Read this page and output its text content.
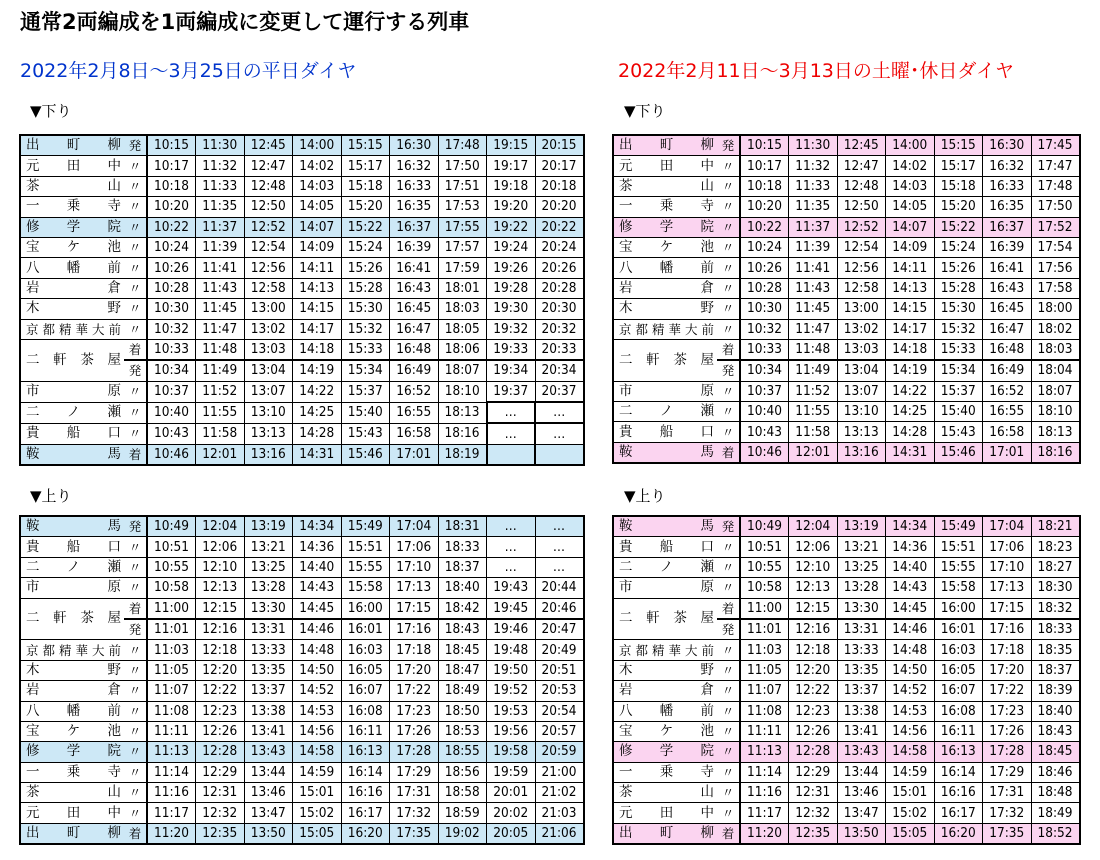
通常2両編成を1両編成に変更して運行する列車
2022年2月8日～3月25日の平日ダイヤ	2022年2月11日～3月13日の土曜･休日ダイヤ
▼下り	▼下り
▼上り	▼上り
出町柳	発	10:15	11:30	12:45	14:00	15:15	16:30	17:48	19:15	20:15
元田中	〃	10:17	11:32	12:47	14:02	15:17	16:32	17:50	19:17	20:17
茶山	〃	10:18	11:33	12:48	14:03	15:18	16:33	17:51	19:18	20:18
一乗寺	〃	10:20	11:35	12:50	14:05	15:20	16:35	17:53	19:20	20:20
修学院	〃	10:22	11:37	12:52	14:07	15:22	16:37	17:55	19:22	20:22
宝ケ池	〃	10:24	11:39	12:54	14:09	15:24	16:39	17:57	19:24	20:24
八幡前	〃	10:26	11:41	12:56	14:11	15:26	16:41	17:59	19:26	20:26
岩倉	〃	10:28	11:43	12:58	14:13	15:28	16:43	18:01	19:28	20:28
木野	〃	10:30	11:45	13:00	14:15	15:30	16:45	18:03	19:30	20:30
京都精華大前	〃	10:32	11:47	13:02	14:17	15:32	16:47	18:05	19:32	20:32
二軒茶屋	着	10:33	11:48	13:03	14:18	15:33	16:48	18:06	19:33	20:33
	発	10:34	11:49	13:04	14:19	15:34	16:49	18:07	19:34	20:34
市原	〃	10:37	11:52	13:07	14:22	15:37	16:52	18:10	19:37	20:37
二ノ瀬	〃	10:40	11:55	13:10	14:25	15:40	16:55	18:13	…	…
貴船口	〃	10:43	11:58	13:13	14:28	15:43	16:58	18:16	…	…
鞍馬	着	10:46	12:01	13:16	14:31	15:46	17:01	18:19		
鞍馬	発	10:49	12:04	13:19	14:34	15:49	17:04	18:31	…	…
貴船口	〃	10:51	12:06	13:21	14:36	15:51	17:06	18:33	…	…
二ノ瀬	〃	10:55	12:10	13:25	14:40	15:55	17:10	18:37	…	…
市原	〃	10:58	12:13	13:28	14:43	15:58	17:13	18:40	19:43	20:44
二軒茶屋	着	11:00	12:15	13:30	14:45	16:00	17:15	18:42	19:45	20:46
	発	11:01	12:16	13:31	14:46	16:01	17:16	18:43	19:46	20:47
京都精華大前	〃	11:03	12:18	13:33	14:48	16:03	17:18	18:45	19:48	20:49
木野	〃	11:05	12:20	13:35	14:50	16:05	17:20	18:47	19:50	20:51
岩倉	〃	11:07	12:22	13:37	14:52	16:07	17:22	18:49	19:52	20:53
八幡前	〃	11:08	12:23	13:38	14:53	16:08	17:23	18:50	19:53	20:54
宝ケ池	〃	11:11	12:26	13:41	14:56	16:11	17:26	18:53	19:56	20:57
修学院	〃	11:13	12:28	13:43	14:58	16:13	17:28	18:55	19:58	20:59
一乗寺	〃	11:14	12:29	13:44	14:59	16:14	17:29	18:56	19:59	21:00
茶山	〃	11:16	12:31	13:46	15:01	16:16	17:31	18:58	20:01	21:02
元田中	〃	11:17	12:32	13:47	15:02	16:17	17:32	18:59	20:02	21:03
出町柳	着	11:20	12:35	13:50	15:05	16:20	17:35	19:02	20:05	21:06
出町柳	発	10:15	11:30	12:45	14:00	15:15	16:30	17:45
元田中	〃	10:17	11:32	12:47	14:02	15:17	16:32	17:47
茶山	〃	10:18	11:33	12:48	14:03	15:18	16:33	17:48
一乗寺	〃	10:20	11:35	12:50	14:05	15:20	16:35	17:50
修学院	〃	10:22	11:37	12:52	14:07	15:22	16:37	17:52
宝ケ池	〃	10:24	11:39	12:54	14:09	15:24	16:39	17:54
八幡前	〃	10:26	11:41	12:56	14:11	15:26	16:41	17:56
岩倉	〃	10:28	11:43	12:58	14:13	15:28	16:43	17:58
木野	〃	10:30	11:45	13:00	14:15	15:30	16:45	18:00
京都精華大前	〃	10:32	11:47	13:02	14:17	15:32	16:47	18:02
二軒茶屋	着	10:33	11:48	13:03	14:18	15:33	16:48	18:03
	発	10:34	11:49	13:04	14:19	15:34	16:49	18:04
市原	〃	10:37	11:52	13:07	14:22	15:37	16:52	18:07
二ノ瀬	〃	10:40	11:55	13:10	14:25	15:40	16:55	18:10
貴船口	〃	10:43	11:58	13:13	14:28	15:43	16:58	18:13
鞍馬	着	10:46	12:01	13:16	14:31	15:46	17:01	18:16
鞍馬	発	10:49	12:04	13:19	14:34	15:49	17:04	18:21
貴船口	〃	10:51	12:06	13:21	14:36	15:51	17:06	18:23
二ノ瀬	〃	10:55	12:10	13:25	14:40	15:55	17:10	18:27
市原	〃	10:58	12:13	13:28	14:43	15:58	17:13	18:30
二軒茶屋	着	11:00	12:15	13:30	14:45	16:00	17:15	18:32
	発	11:01	12:16	13:31	14:46	16:01	17:16	18:33
京都精華大前	〃	11:03	12:18	13:33	14:48	16:03	17:18	18:35
木野	〃	11:05	12:20	13:35	14:50	16:05	17:20	18:37
岩倉	〃	11:07	12:22	13:37	14:52	16:07	17:22	18:39
八幡前	〃	11:08	12:23	13:38	14:53	16:08	17:23	18:40
宝ケ池	〃	11:11	12:26	13:41	14:56	16:11	17:26	18:43
修学院	〃	11:13	12:28	13:43	14:58	16:13	17:28	18:45
一乗寺	〃	11:14	12:29	13:44	14:59	16:14	17:29	18:46
茶山	〃	11:16	12:31	13:46	15:01	16:16	17:31	18:48
元田中	〃	11:17	12:32	13:47	15:02	16:17	17:32	18:49
出町柳	着	11:20	12:35	13:50	15:05	16:20	17:35	18:52
